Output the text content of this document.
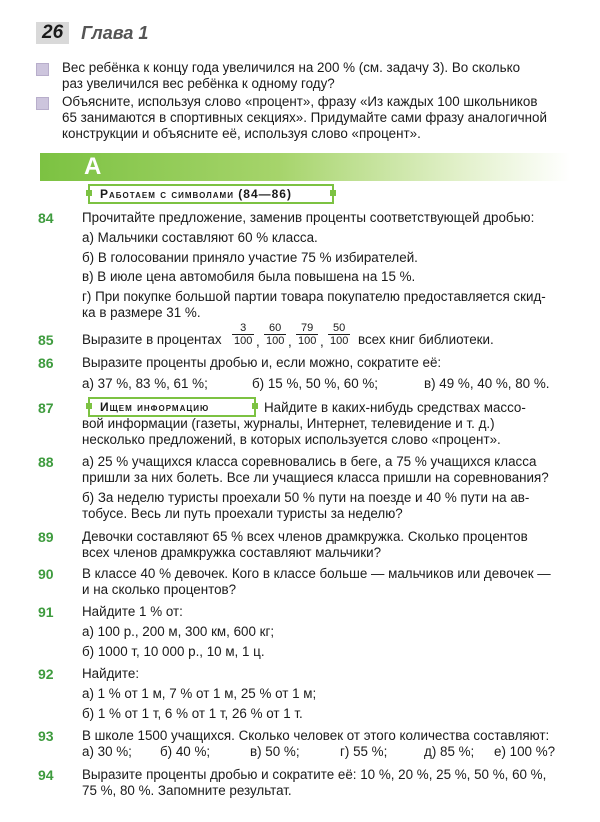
26	Глава 1
Вес ребёнка к концу года увеличился на 200 % (см. задачу 3). Во сколько
раз увеличился вес ребёнка к одному году?
Объясните, используя слово «процент», фразу «Из каждых 100 школьников
65 занимаются в спортивных секциях». Придумайте сами фразу аналогичной
конструкции и объясните её, используя слово «процент».
А
Работаем с символами (84—86)
84 Прочитайте предложение, заменив проценты соответствующей дробью:
а) Мальчики составляют 60 % класса.
б) В голосовании приняло участие 75 % избирателей.
в) В июле цена автомобиля была повышена на 15 %.
г) При покупке большой партии товара покупателю предоставляется скид-
ка в размере 31 %.
85 Выразите в процентах $\frac{3}{100}$ , $\frac{60}{100}$ , $\frac{79}{100}$ , $\frac{50}{100}$ всех книг библиотеки.
86 Выразите проценты дробью и, если можно, сократите её:
а) 37 %, 83 %, 61 %;	б) 15 %, 50 %, 60 %;	в) 49 %, 40 %, 80 %.
87	Ищем информацию	Найдите в каких-нибудь средствах массо-
вой информации (газеты, журналы, Интернет, телевидение и т. д.)
несколько предложений, в которых используется слово «процент».
88 а) 25 % учащихся класса соревновались в беге, а 75 % учащихся класса
пришли за них болеть. Все ли учащиеся класса пришли на соревнования?
б) За неделю туристы проехали 50 % пути на поезде и 40 % пути на ав-
тобусе. Весь ли путь проехали туристы за неделю?
89 Девочки составляют 65 % всех членов драмкружка. Сколько процентов
всех членов драмкружка составляют мальчики?
90 В классе 40 % девочек. Кого в классе больше — мальчиков или девочек —
и на сколько процентов?
91 Найдите 1 % от:
а) 100 р., 200 м, 300 км, 600 кг;
б) 1000 т, 10 000 р., 10 м, 1 ц.
92 Найдите:
а) 1 % от 1 м, 7 % от 1 м, 25 % от 1 м;
б) 1 % от 1 т, 6 % от 1 т, 26 % от 1 т.
93 В школе 1500 учащихся. Сколько человек от этого количества составляют:
а) 30 %; б) 40 %;	в) 50 %;	г) 55 %;	д) 85 %; е) 100 %?
94 Выразите проценты дробью и сократите её: 10 %, 20 %, 25 %, 50 %, 60 %,
75 %, 80 %. Запомните результат.
